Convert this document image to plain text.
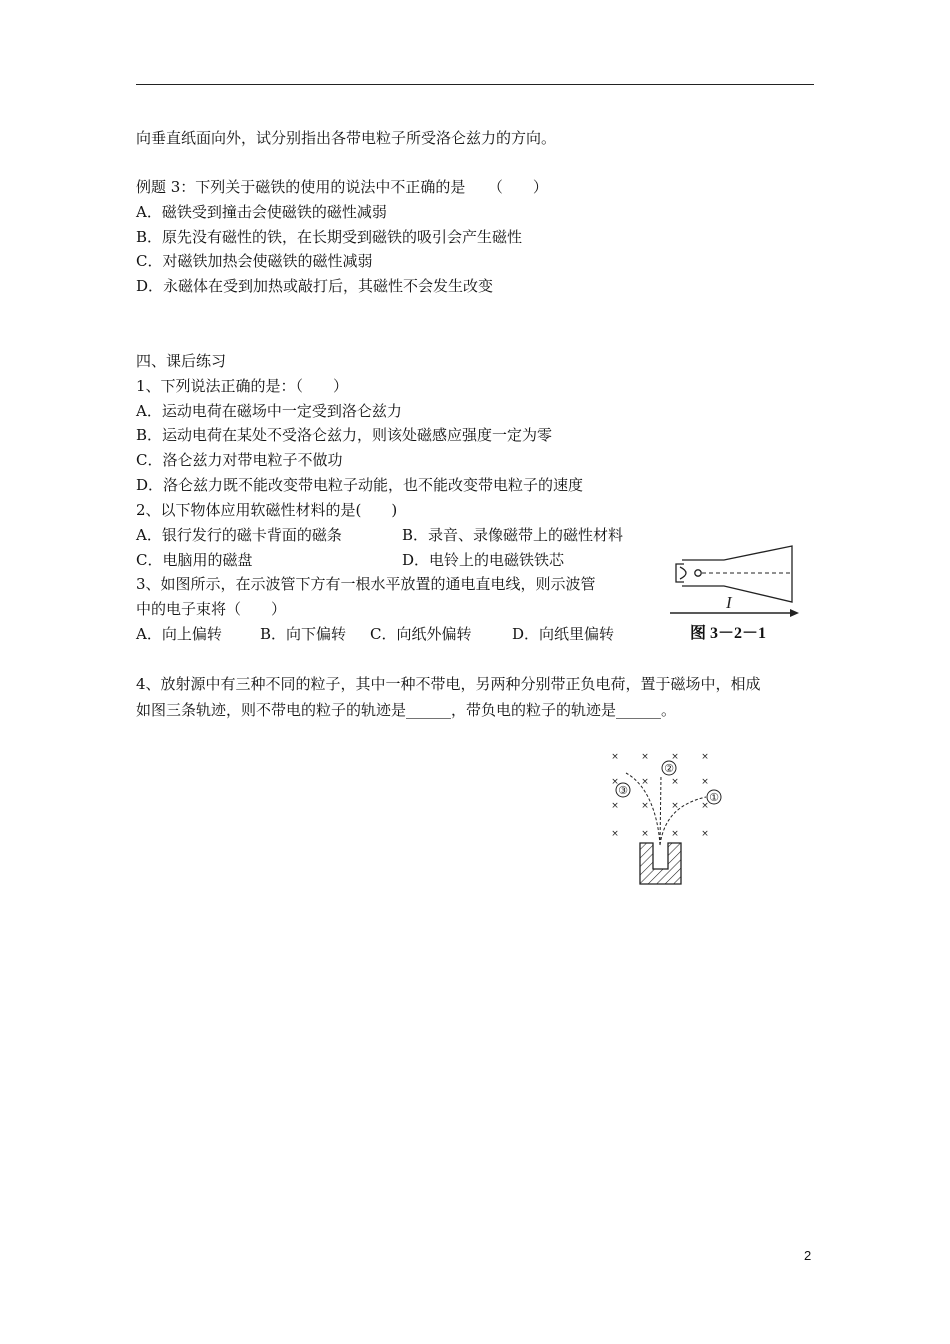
向垂直纸面向外，试分别指出各带电粒子所受洛仑兹力的方向。
例题 3：下列关于磁铁的使用的说法中不正确的是　　（　　）
A．磁铁受到撞击会使磁铁的磁性减弱
B．原先没有磁性的铁，在长期受到磁铁的吸引会产生磁性
C．对磁铁加热会使磁铁的磁性减弱
D．永磁体在受到加热或敲打后，其磁性不会发生改变
四、课后练习
1、下列说法正确的是：（　　）
A．运动电荷在磁场中一定受到洛仑兹力
B．运动电荷在某处不受洛仑兹力，则该处磁感应强度一定为零
C．洛仑兹力对带电粒子不做功
D．洛仑兹力既不能改变带电粒子动能，也不能改变带电粒子的速度
2、以下物体应用软磁性材料的是(　　)
A．银行发行的磁卡背面的磁条	B．录音、录像磁带上的磁性材料
C．电脑用的磁盘	D．电铃上的电磁铁铁芯
3、如图所示，在示波管下方有一根水平放置的通电直电线，则示波管
中的电子束将（　　）
A．向上偏转	B．向下偏转 C．向纸外偏转	D．向纸里偏转
I
图 3－2－1
4、放射源中有三种不同的粒子，其中一种不带电，另两种分别带正负电荷，置于磁场中，相成
如图三条轨迹，则不带电的粒子的轨迹是______，带负电的粒子的轨迹是______。
× × × ×
× × × ×
× × × ×
× × × ×
①
②
③
2
